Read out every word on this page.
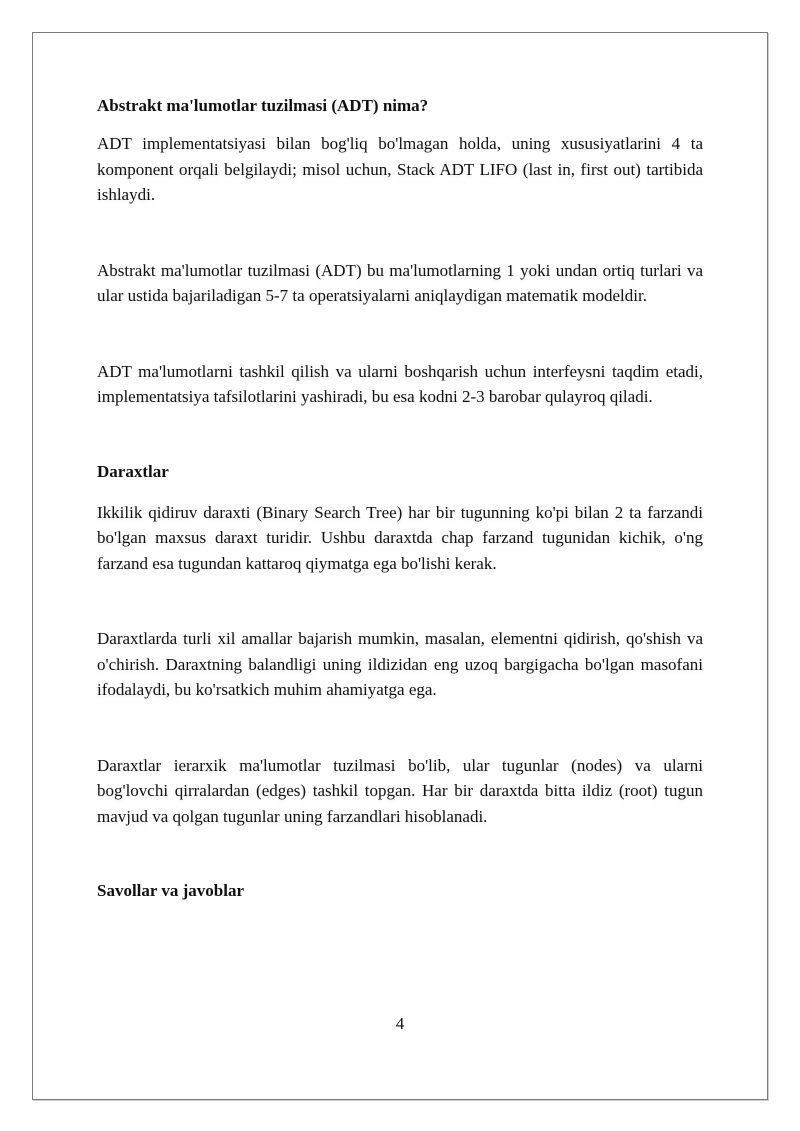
Abstrakt ma'lumotlar tuzilmasi (ADT) nima?

ADT implementatsiyasi bilan bog'liq bo'lmagan holda, uning xususiyatlarini 4 ta komponent orqali belgilaydi; misol uchun, Stack ADT LIFO (last in, first out) tartibida ishlaydi.

Abstrakt ma'lumotlar tuzilmasi (ADT) bu ma'lumotlarning 1 yoki undan ortiq turlari va ular ustida bajariladigan 5-7 ta operatsiyalarni aniqlaydigan matematik modeldir.

ADT ma'lumotlarni tashkil qilish va ularni boshqarish uchun interfeysni taqdim etadi, implementatsiya tafsilotlarini yashiradi, bu esa kodni 2-3 barobar qulayroq qiladi.

Daraxtlar

Ikkilik qidiruv daraxti (Binary Search Tree) har bir tugunning ko'pi bilan 2 ta farzandi bo'lgan maxsus daraxt turidir. Ushbu daraxtda chap farzand tugunidan kichik, o'ng farzand esa tugundan kattaroq qiymatga ega bo'lishi kerak.

Daraxtlarda turli xil amallar bajarish mumkin, masalan, elementni qidirish, qo'shish va o'chirish. Daraxtning balandligi uning ildizidan eng uzoq bargigacha bo'lgan masofani ifodalaydi, bu ko'rsatkich muhim ahamiyatga ega.

Daraxtlar ierarxik ma'lumotlar tuzilmasi bo'lib, ular tugunlar (nodes) va ularni bog'lovchi qirralardan (edges) tashkil topgan. Har bir daraxtda bitta ildiz (root) tugun mavjud va qolgan tugunlar uning farzandlari hisoblanadi.

Savollar va javoblar
4
